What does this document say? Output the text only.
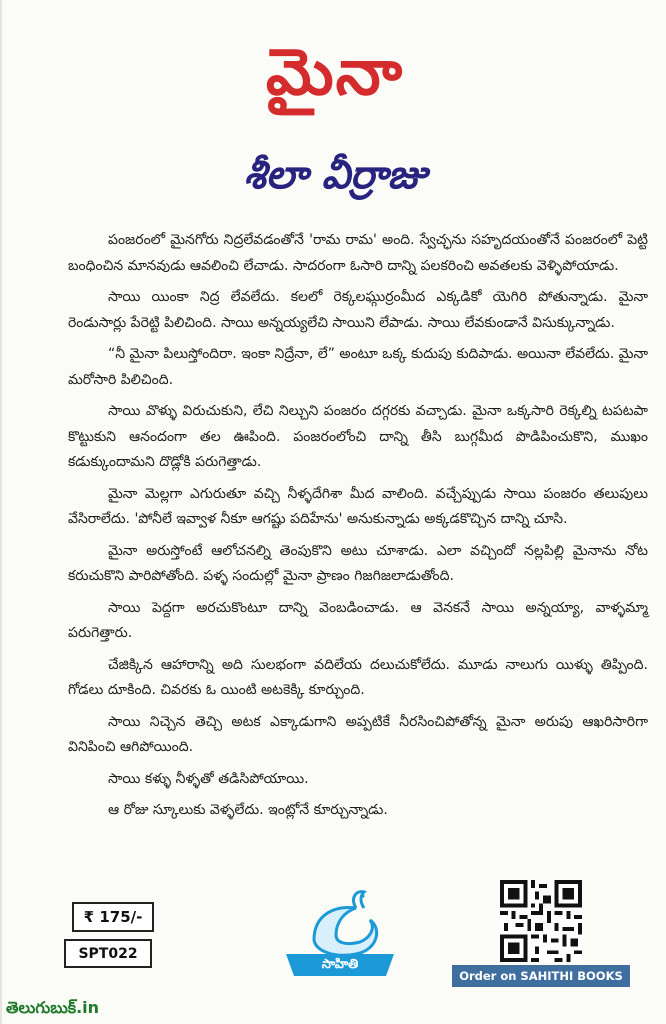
మైనా
శీలా వీర్రాజు

పంజరంలో మైనగోరు నిద్రలేవడంతోనే 'రామ రామ' అంది. స్వేచ్ఛను సహృదయంతోనే పంజరంలో పెట్టి బంధించిన మానవుడు ఆవలించి లేచాడు. సాదరంగా ఓసారి దాన్ని పలకరించి అవతలకు వెళ్ళిపోయాడు.

సాయి యింకా నిద్ర లేవలేదు. కలలో రెక్కలఘ్గుర్రంమీద ఎక్కడికో యెగిరి పోతున్నాడు. మైనా రెండుసార్లు పేరెట్టి పిలిచింది. సాయి అన్నయ్యలేచి సాయిని లేపాడు. సాయి లేవకుండానే విసుక్కున్నాడు.

“నీ మైనా పిలుస్తోందిరా. ఇంకా నిద్రేనా, లే” అంటూ ఒక్క కుదుపు కుదిపాడు. అయినా లేవలేదు. మైనా మరోసారి పిలిచింది.

సాయి వొళ్ళు విరుచుకుని, లేచి నిల్చుని పంజరం దగ్గరకు వచ్చాడు. మైనా ఒక్కసారి రెక్కల్ని టపటపా కొట్టుకుని ఆనందంగా తల ఊపింది. పంజరంలోంచి దాన్ని తీసి బుగ్గమీద పొడిపించుకొని, ముఖం కడుక్కుందామని దొడ్లోకి పరుగెత్తాడు.

మైనా మెల్లగా ఎగురుతూ వచ్చి నీళ్ళదేగిశా మీద వాలింది. వచ్చేప్పుడు సాయి పంజరం తలుపులు వేసిరాలేదు. 'పోనీలే ఇవ్వాళ నీకూ ఆగష్టు పదిహేను' అనుకున్నాడు అక్కడకొచ్చిన దాన్ని చూసి.

మైనా అరుస్తోంటే ఆలోచనల్ని తెంపుకొని అటు చూశాడు. ఎలా వచ్చిందో నల్లపిల్లి మైనాను నోట కరుచుకొని పారిపోతోంది. పళ్ళ సందుల్లో మైనా ప్రాణం గిజగిజలాడుతోంది.

సాయి పెద్దగా అరచుకొంటూ దాన్ని వెంబడించాడు. ఆ వెనకనే సాయి అన్నయ్యా, వాళ్ళమ్మా పరుగెత్తారు.

చేజిక్కిన ఆహారాన్ని అది సులభంగా వదిలేయ దలుచుకోలేదు. మూడు నాలుగు యిళ్ళు తిప్పింది. గోడలు దూకింది. చివరకు ఓ యింటి అటకెక్కి కూర్చుంది.

సాయి నిచ్చెన తెచ్చి అటక ఎక్కాడుగాని అప్పటికే నీరసించిపోతోన్న మైనా అరుపు ఆఖరిసారిగా వినిపించి ఆగిపోయింది.

సాయి కళ్ళు నీళ్ళతో తడిసిపోయాయి.

ఆ రోజు స్కూలుకు వెళ్ళలేదు. ఇంట్లోనే కూర్చున్నాడు.

₹ 175/-
SPT022
సాహితి
Order on SAHITHI BOOKS
తెలుగుబుక్.in
